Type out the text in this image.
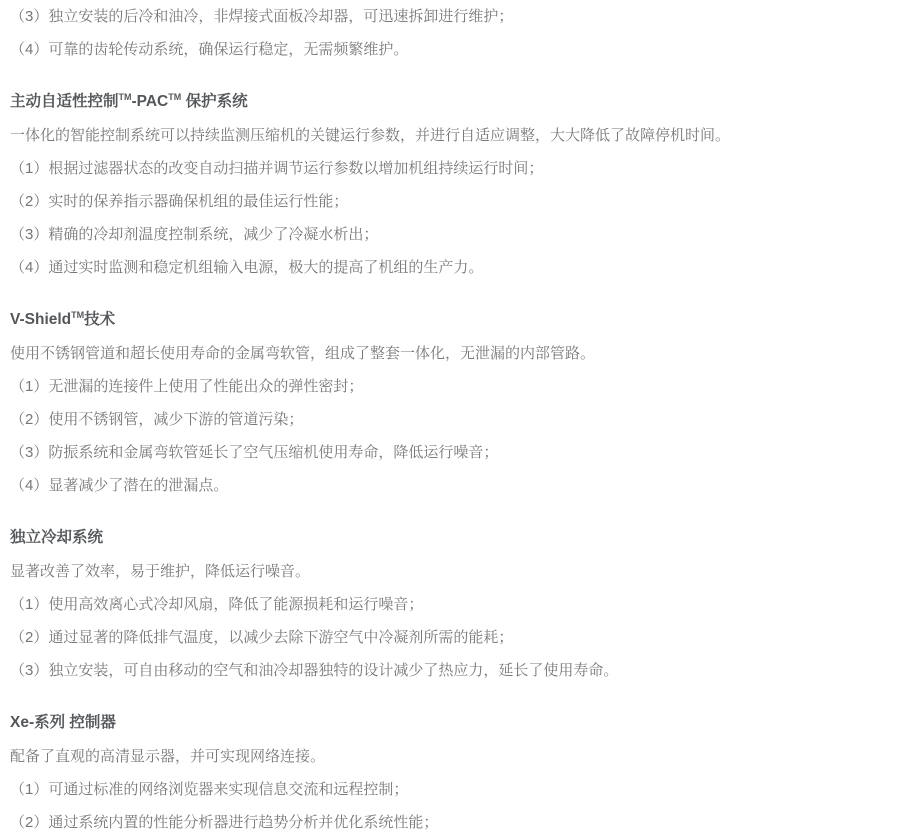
（3）独立安装的后冷和油冷，非焊接式面板冷却器，可迅速拆卸进行维护；

（4）可靠的齿轮传动系统，确保运行稳定，无需频繁维护。

主动自适性控制™-PAC™ 保护系统

一体化的智能控制系统可以持续监测压缩机的关键运行参数，并进行自适应调整，大大降低了故障停机时间。

（1）根据过滤器状态的改变自动扫描并调节运行参数以增加机组持续运行时间；

（2）实时的保养指示器确保机组的最佳运行性能；

（3）精确的冷却剂温度控制系统，减少了冷凝水析出；

（4）通过实时监测和稳定机组输入电源，极大的提高了机组的生产力。

V-Shield™技术

使用不锈钢管道和超长使用寿命的金属弯软管，组成了整套一体化，无泄漏的内部管路。

（1）无泄漏的连接件上使用了性能出众的弹性密封；

（2）使用不锈钢管，减少下游的管道污染；

（3）防振系统和金属弯软管延长了空气压缩机使用寿命，降低运行噪音；

（4）显著减少了潜在的泄漏点。

独立冷却系统

显著改善了效率，易于维护，降低运行噪音。

（1）使用高效离心式冷却风扇，降低了能源损耗和运行噪音；

（2）通过显著的降低排气温度，以减少去除下游空气中冷凝剂所需的能耗；

（3）独立安装，可自由移动的空气和油冷却器独特的设计减少了热应力，延长了使用寿命。

Xe-系列 控制器

配备了直观的高清显示器，并可实现网络连接。

（1）可通过标准的网络浏览器来实现信息交流和远程控制；

（2）通过系统内置的性能分析器进行趋势分析并优化系统性能；
